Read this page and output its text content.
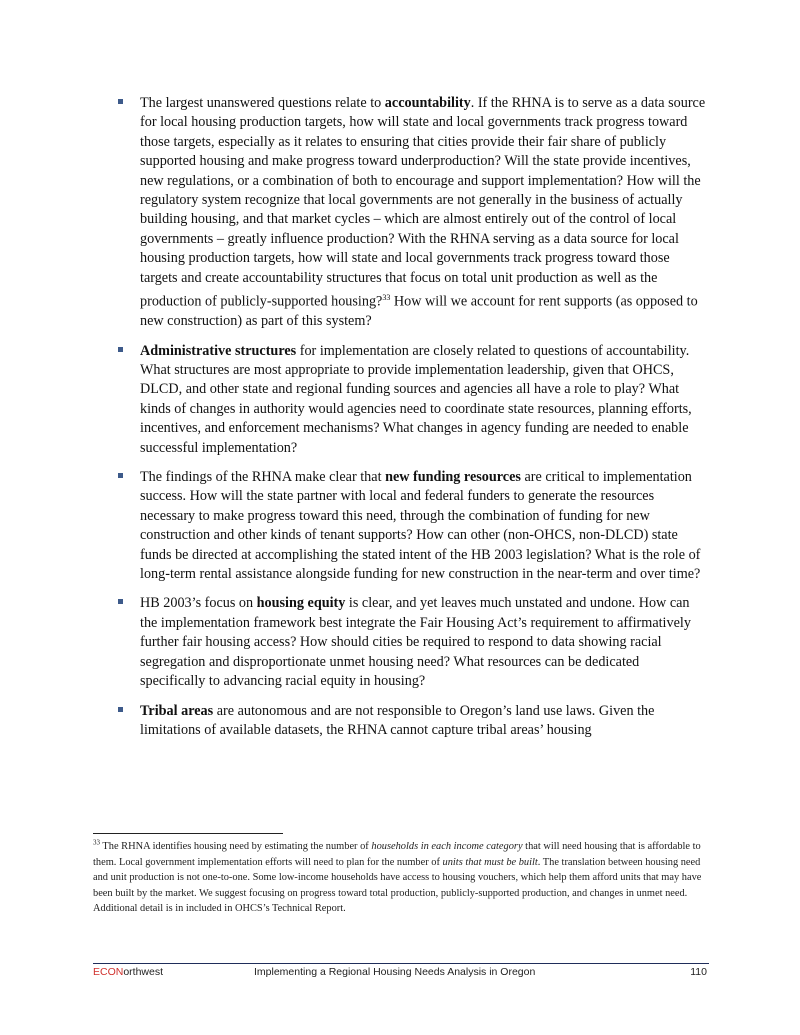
The largest unanswered questions relate to accountability. If the RHNA is to serve as a data source for local housing production targets, how will state and local governments track progress toward those targets, especially as it relates to ensuring that cities provide their fair share of publicly supported housing and make progress toward underproduction? Will the state provide incentives, new regulations, or a combination of both to encourage and support implementation? How will the regulatory system recognize that local governments are not generally in the business of actually building housing, and that market cycles – which are almost entirely out of the control of local governments – greatly influence production? With the RHNA serving as a data source for local housing production targets, how will state and local governments track progress toward those targets and create accountability structures that focus on total unit production as well as the production of publicly-supported housing?$^{33}$ How will we account for rent supports (as opposed to new construction) as part of this system?
Administrative structures for implementation are closely related to questions of accountability. What structures are most appropriate to provide implementation leadership, given that OHCS, DLCD, and other state and regional funding sources and agencies all have a role to play? What kinds of changes in authority would agencies need to coordinate state resources, planning efforts, incentives, and enforcement mechanisms? What changes in agency funding are needed to enable successful implementation?
The findings of the RHNA make clear that new funding resources are critical to implementation success. How will the state partner with local and federal funders to generate the resources necessary to make progress toward this need, through the combination of funding for new construction and other kinds of tenant supports? How can other (non-OHCS, non-DLCD) state funds be directed at accomplishing the stated intent of the HB 2003 legislation? What is the role of long-term rental assistance alongside funding for new construction in the near-term and over time?
HB 2003’s focus on housing equity is clear, and yet leaves much unstated and undone. How can the implementation framework best integrate the Fair Housing Act’s requirement to affirmatively further fair housing access? How should cities be required to respond to data showing racial segregation and disproportionate unmet housing need? What resources can be dedicated specifically to advancing racial equity in housing?
Tribal areas are autonomous and are not responsible to Oregon’s land use laws. Given the limitations of available datasets, the RHNA cannot capture tribal areas’ housing
$^{33}$ The RHNA identifies housing need by estimating the number of households in each income category that will need housing that is affordable to them. Local government implementation efforts will need to plan for the number of units that must be built. The translation between housing need and unit production is not one-to-one. Some low-income households have access to housing vouchers, which help them afford units that may have been built by the market. We suggest focusing on progress toward total production, publicly-supported production, and changes in unmet need. Additional detail is in included in OHCS’s Technical Report.
ECONorthwest	Implementing a Regional Housing Needs Analysis in Oregon	110
